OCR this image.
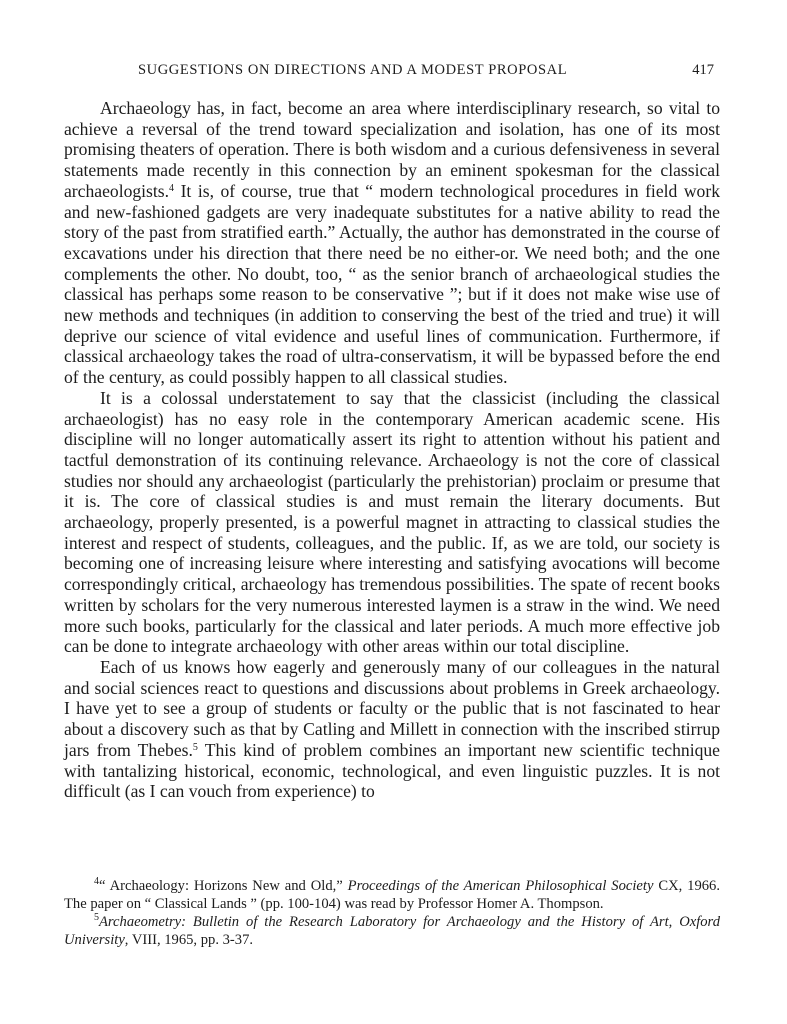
SUGGESTIONS ON DIRECTIONS AND A MODEST PROPOSAL	417

Archaeology has, in fact, become an area where interdisciplinary research, so vital to achieve a reversal of the trend toward specialization and isolation, has one of its most promising theaters of operation. There is both wisdom and a curious defensiveness in several statements made recently in this connection by an eminent spokesman for the classical archaeologists.$^4$ It is, of course, true that “ modern technological procedures in field work and new-fashioned gadgets are very inadequate substitutes for a native ability to read the story of the past from stratified earth.” Actually, the author has demonstrated in the course of excavations under his direction that there need be no either-or. We need both; and the one complements the other. No doubt, too, “ as the senior branch of archaeological studies the classical has perhaps some reason to be conservative ”; but if it does not make wise use of new methods and techniques (in addition to conserving the best of the tried and true) it will deprive our science of vital evidence and useful lines of communication. Furthermore, if classical archaeology takes the road of ultra-conservatism, it will be bypassed before the end of the century, as could possibly happen to all classical studies.

It is a colossal understatement to say that the classicist (including the classical archaeologist) has no easy role in the contemporary American academic scene. His discipline will no longer automatically assert its right to attention without his patient and tactful demonstration of its continuing relevance. Archaeology is not the core of classical studies nor should any archaeologist (particularly the prehistorian) proclaim or presume that it is. The core of classical studies is and must remain the literary documents. But archaeology, properly presented, is a powerful magnet in attracting to classical studies the interest and respect of students, colleagues, and the public. If, as we are told, our society is becoming one of increasing leisure where interesting and satisfying avocations will become correspondingly critical, archaeology has tremendous possibilities. The spate of recent books written by scholars for the very numerous interested laymen is a straw in the wind. We need more such books, particularly for the classical and later periods. A much more effective job can be done to integrate archaeology with other areas within our total discipline.

Each of us knows how eagerly and generously many of our colleagues in the natural and social sciences react to questions and discussions about problems in Greek archaeology. I have yet to see a group of students or faculty or the public that is not fascinated to hear about a discovery such as that by Catling and Millett in connection with the inscribed stirrup jars from Thebes.$^5$ This kind of problem combines an important new scientific technique with tantalizing historical, economic, technological, and even linguistic puzzles. It is not difficult (as I can vouch from experience) to

$^4$“ Archaeology: Horizons New and Old,” Proceedings of the American Philosophical Society CX, 1966. The paper on “ Classical Lands ” (pp. 100-104) was read by Professor Homer A. Thompson.

$^5$Archaeometry: Bulletin of the Research Laboratory for Archaeology and the History of Art, Oxford University, VIII, 1965, pp. 3-37.
